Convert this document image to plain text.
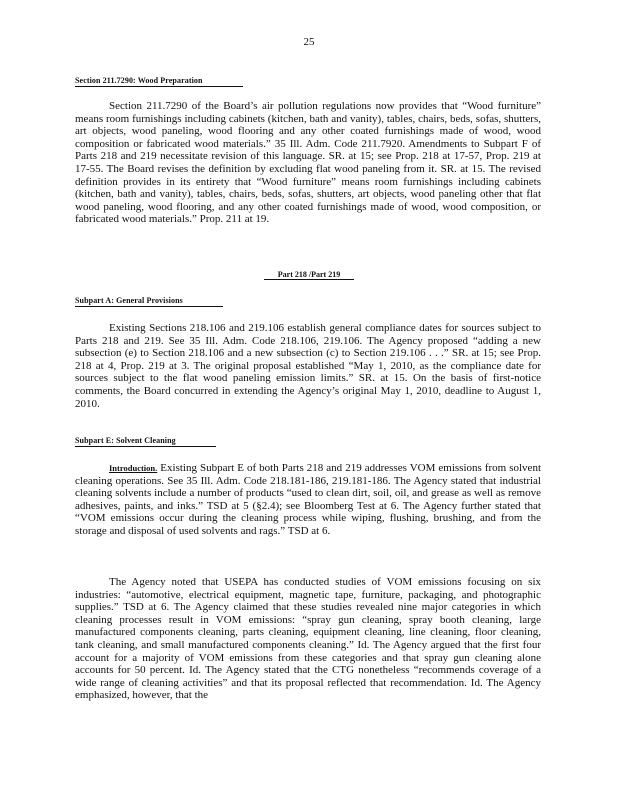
25
Section 211.7290: Wood Preparation

Section 211.7290 of the Board’s air pollution regulations now provides that “Wood furniture” means room furnishings including cabinets (kitchen, bath and vanity), tables, chairs, beds, sofas, shutters, art objects, wood paneling, wood flooring and any other coated furnishings made of wood, wood composition or fabricated wood materials.” 35 Ill. Adm. Code 211.7920. Amendments to Subpart F of Parts 218 and 219 necessitate revision of this language. SR. at 15; see Prop. 218 at 17-57, Prop. 219 at 17-55. The Board revises the definition by excluding flat wood paneling from it. SR. at 15. The revised definition provides in its entirety that “Wood furniture” means room furnishings including cabinets (kitchen, bath and vanity), tables, chairs, beds, sofas, shutters, art objects, wood paneling other that flat wood paneling, wood flooring, and any other coated furnishings made of wood, wood composition, or fabricated wood materials.” Prop. 211 at 19.

Part 218 /Part 219
Subpart A: General Provisions

Existing Sections 218.106 and 219.106 establish general compliance dates for sources subject to Parts 218 and 219. See 35 Ill. Adm. Code 218.106, 219.106. The Agency proposed “adding a new subsection (e) to Section 218.106 and a new subsection (c) to Section 219.106 . . .” SR. at 15; see Prop. 218 at 4, Prop. 219 at 3. The original proposal established “May 1, 2010, as the compliance date for sources subject to the flat wood paneling emission limits.” SR. at 15. On the basis of first-notice comments, the Board concurred in extending the Agency’s original May 1, 2010, deadline to August 1, 2010.

Subpart E: Solvent Cleaning

Introduction. Existing Subpart E of both Parts 218 and 219 addresses VOM emissions from solvent cleaning operations. See 35 Ill. Adm. Code 218.181-186, 219.181-186. The Agency stated that industrial cleaning solvents include a number of products “used to clean dirt, soil, oil, and grease as well as remove adhesives, paints, and inks.” TSD at 5 (§2.4); see Bloomberg Test at 6. The Agency further stated that “VOM emissions occur during the cleaning process while wiping, flushing, brushing, and from the storage and disposal of used solvents and rags.” TSD at 6.

The Agency noted that USEPA has conducted studies of VOM emissions focusing on six industries: “automotive, electrical equipment, magnetic tape, furniture, packaging, and photographic supplies.” TSD at 6. The Agency claimed that these studies revealed nine major categories in which cleaning processes result in VOM emissions: “spray gun cleaning, spray booth cleaning, large manufactured components cleaning, parts cleaning, equipment cleaning, line cleaning, floor cleaning, tank cleaning, and small manufactured components cleaning.” Id. The Agency argued that the first four account for a majority of VOM emissions from these categories and that spray gun cleaning alone accounts for 50 percent. Id. The Agency stated that the CTG nonetheless “recommends coverage of a wide range of cleaning activities” and that its proposal reflected that recommendation. Id. The Agency emphasized, however, that the
